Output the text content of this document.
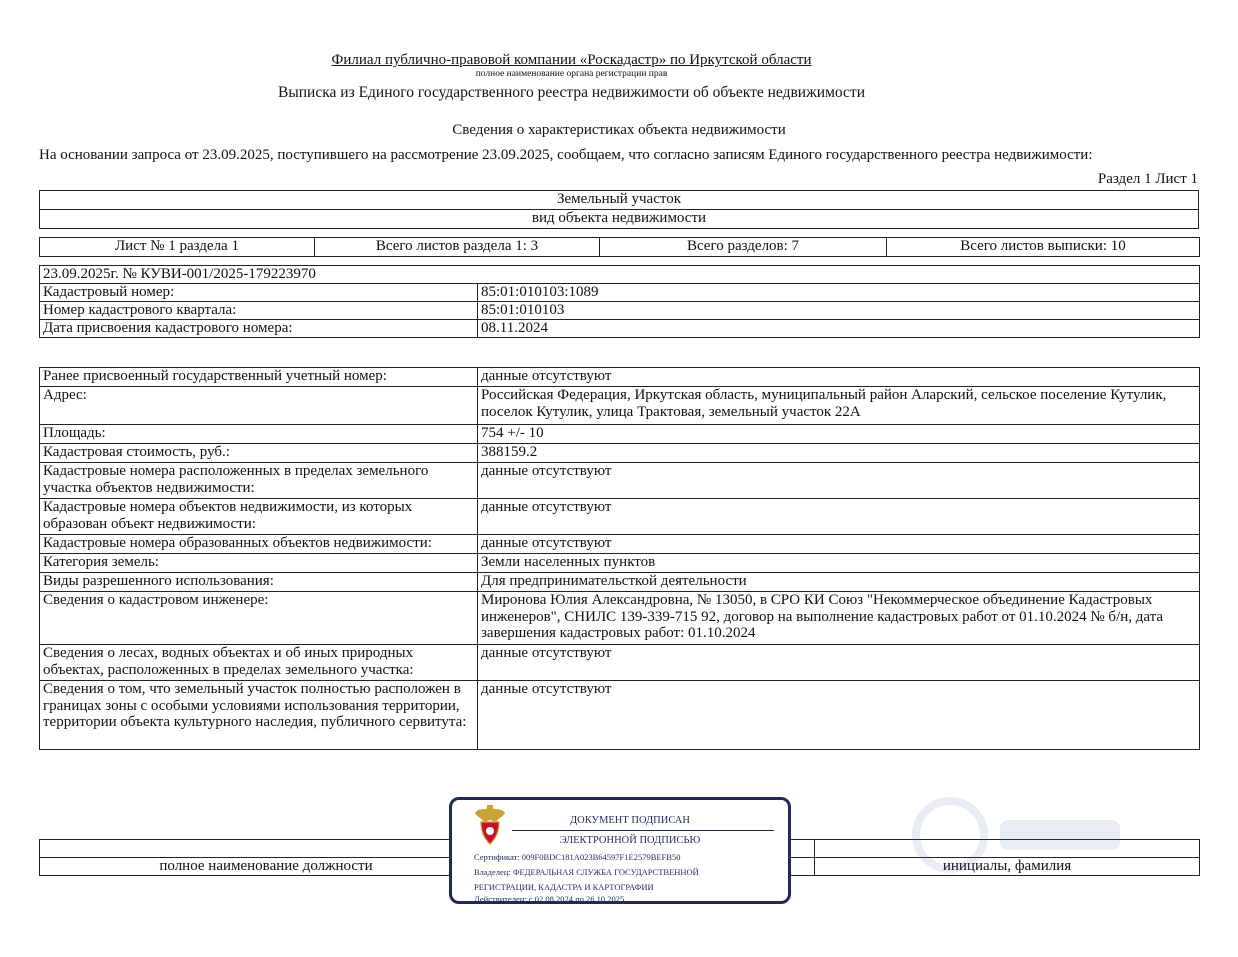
Филиал публично-правовой компании «Роскадастр» по Иркутской области
полное наименование органа регистрации прав
Выписка из Единого государственного реестра недвижимости об объекте недвижимости
Сведения о характеристиках объекта недвижимости
На основании запроса от 23.09.2025, поступившего на рассмотрение 23.09.2025, сообщаем, что согласно записям Единого государственного реестра недвижимости:
Раздел 1 Лист 1
Земельный участок
вид объекта недвижимости
Лист № 1 раздела 1	Всего листов раздела 1: 3	Всего разделов: 7	Всего листов выписки: 10
23.09.2025г. № КУВИ-001/2025-179223970	
Кадастровый номер:	85:01:010103:1089
Номер кадастрового квартала:	85:01:010103
Дата присвоения кадастрового номера:	08.11.2024
Ранее присвоенный государственный учетный номер:	данные отсутствуют
Адрес:	Российская Федерация, Иркутская область, муниципальный район Аларский, сельское поселение Кутулик, поселок Кутулик, улица Трактовая, земельный участок 22А
Площадь:	754 +/- 10
Кадастровая стоимость, руб.:	388159.2
Кадастровые номера расположенных в пределах земельного участка объектов недвижимости:	данные отсутствуют
Кадастровые номера объектов недвижимости, из которых образован объект недвижимости:	данные отсутствуют
Кадастровые номера образованных объектов недвижимости:	данные отсутствуют
Категория земель:	Земли населенных пунктов
Виды разрешенного использования:	Для предпринимательсткой деятельности
Сведения о кадастровом инженере:	Миронова Юлия Александровна, № 13050, в СРО КИ Союз "Некоммерческое объединение Кадастровых инженеров", СНИЛС 139-339-715 92, договор на выполнение кадастровых работ от 01.10.2024 № б/н, дата завершения кадастровых работ: 01.10.2024
Сведения о лесах, водных объектах и об иных природных объектах, расположенных в пределах земельного участка:	данные отсутствуют
Сведения о том, что земельный участок полностью расположен в границах зоны с особыми условиями использования территории, территории объекта культурного наследия, публичного сервитута:	данные отсутствуют

полное наименование должности		инициалы, фамилия
ДОКУМЕНТ ПОДПИСАН
ЭЛЕКТРОННОЙ ПОДПИСЬЮ
Сертификат: 009F0BDC181A023B64597F1E2579BEFB50
Владелец: ФЕДЕРАЛЬНАЯ СЛУЖБА ГОСУДАРСТВЕННОЙ
РЕГИСТРАЦИИ, КАДАСТРА И КАРТОГРАФИИ
Действителен: с 02.08.2024 по 26.10.2025
